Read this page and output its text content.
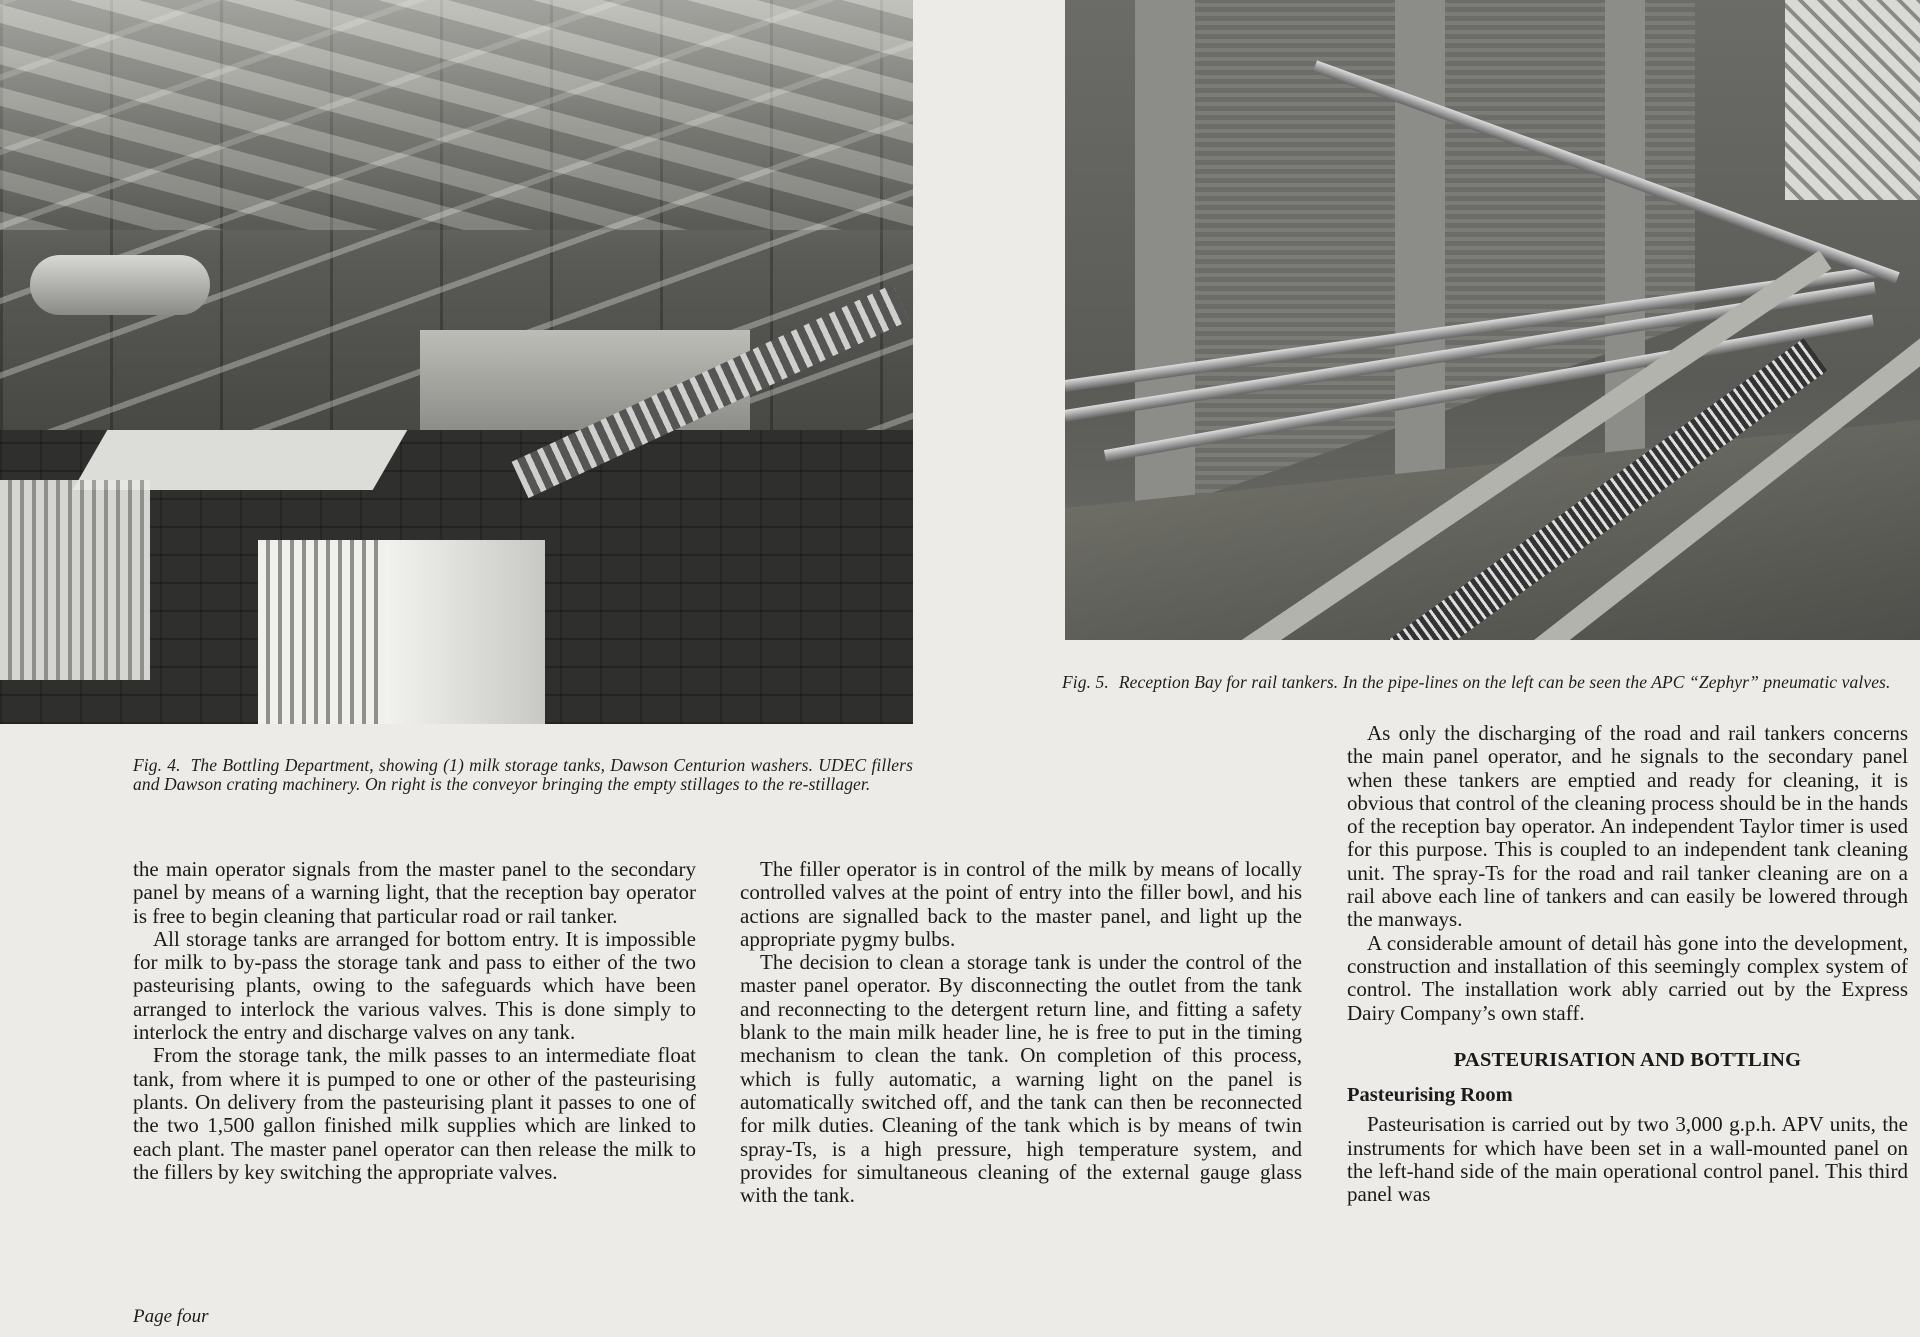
Fig. 5. Reception Bay for rail tankers. In the pipe-lines on the left can be seen the APC “Zephyr” pneumatic valves.
Fig. 4. The Bottling Department, showing (1) milk storage tanks, Dawson Centurion washers. UDEC fillers and Dawson crating machinery. On right is the conveyor bringing the empty stillages to the re-stillager.

the main operator signals from the master panel to the secondary panel by means of a warning light, that the reception bay operator is free to begin cleaning that particular road or rail tanker.

All storage tanks are arranged for bottom entry. It is impossible for milk to by-pass the storage tank and pass to either of the two pasteurising plants, owing to the safeguards which have been arranged to interlock the various valves. This is done simply to interlock the entry and discharge valves on any tank.

From the storage tank, the milk passes to an intermediate float tank, from where it is pumped to one or other of the pasteurising plants. On delivery from the pasteurising plant it passes to one of the two 1,500 gallon finished milk supplies which are linked to each plant. The master panel operator can then release the milk to the fillers by key switching the appropriate valves.

The filler operator is in control of the milk by means of locally controlled valves at the point of entry into the filler bowl, and his actions are signalled back to the master panel, and light up the appropriate pygmy bulbs.

The decision to clean a storage tank is under the control of the master panel operator. By disconnecting the outlet from the tank and reconnecting to the detergent return line, and fitting a safety blank to the main milk header line, he is free to put in the timing mechanism to clean the tank. On completion of this process, which is fully automatic, a warning light on the panel is automatically switched off, and the tank can then be reconnected for milk duties. Cleaning of the tank which is by means of twin spray-Ts, is a high pressure, high temperature system, and provides for simultaneous cleaning of the external gauge glass with the tank.

As only the discharging of the road and rail tankers concerns the main panel operator, and he signals to the secondary panel when these tankers are emptied and ready for cleaning, it is obvious that control of the cleaning process should be in the hands of the reception bay operator. An independent Taylor timer is used for this purpose. This is coupled to an independent tank cleaning unit. The spray-Ts for the road and rail tanker cleaning are on a rail above each line of tankers and can easily be lowered through the manways.

A considerable amount of detail hàs gone into the development, construction and installation of this seemingly complex system of control. The installation work ably carried out by the Express Dairy Company’s own staff.

PASTEURISATION AND BOTTLING
Pasteurising Room

Pasteurisation is carried out by two 3,000 g.p.h. APV units, the instruments for which have been set in a wall-mounted panel on the left-hand side of the main operational control panel. This third panel was

Page four
